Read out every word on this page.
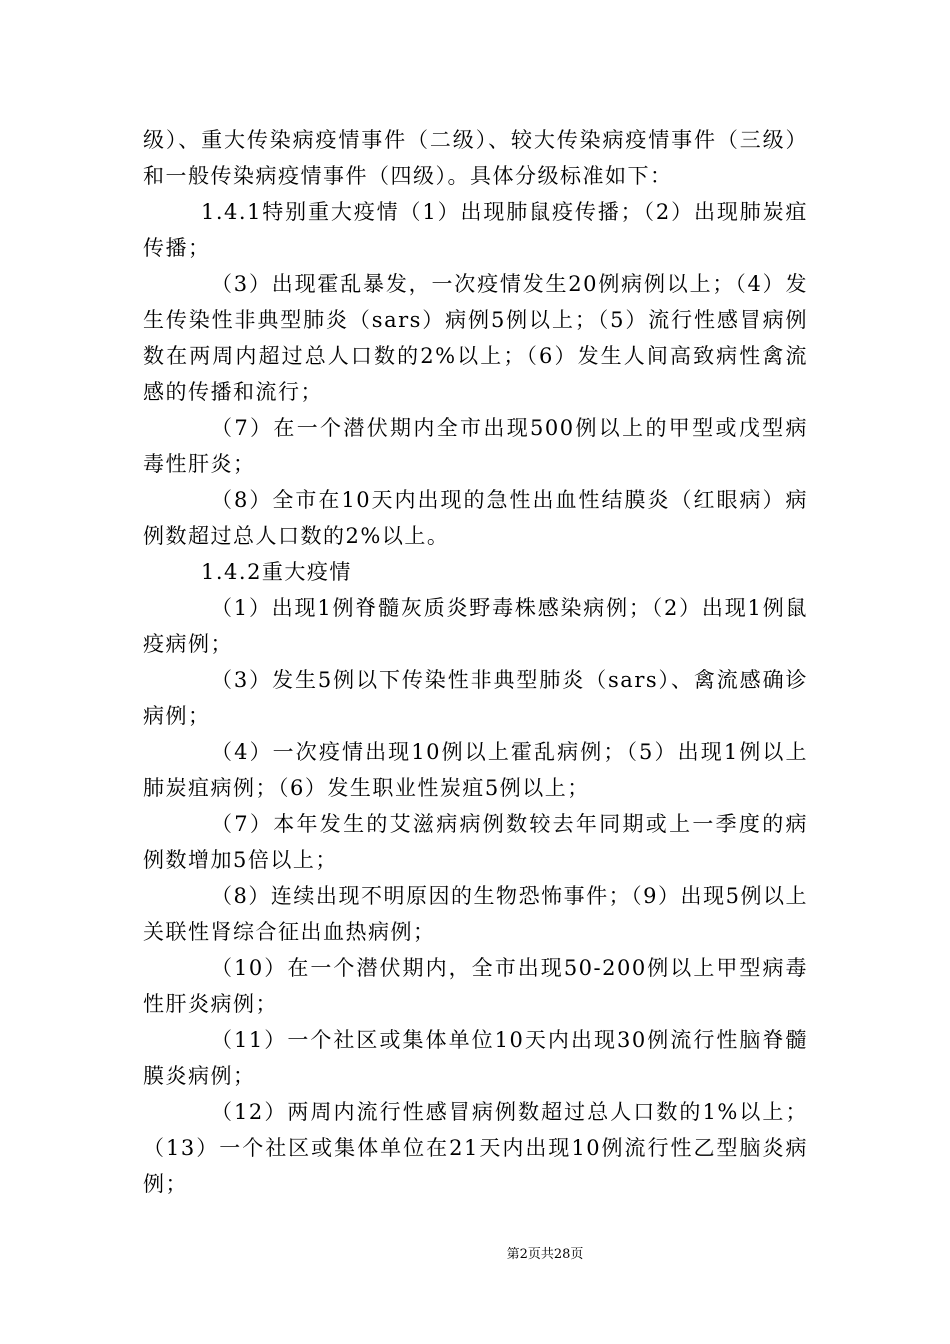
级）、重大传染病疫情事件（二级）、较大传染病疫情事件（三级）和一般传染病疫情事件（四级）。具体分级标准如下：

1.4.1特别重大疫情（1）出现肺鼠疫传播；（2）出现肺炭疽传播；

（3）出现霍乱暴发，一次疫情发生20例病例以上；（4）发生传染性非典型肺炎（sars）病例5例以上；（5）流行性感冒病例数在两周内超过总人口数的2%以上；（6）发生人间高致病性禽流感的传播和流行；

（7）在一个潜伏期内全市出现500例以上的甲型或戊型病毒性肝炎；

（8）全市在10天内出现的急性出血性结膜炎（红眼病）病例数超过总人口数的2%以上。

1.4.2重大疫情

（1）出现1例脊髓灰质炎野毒株感染病例；（2）出现1例鼠疫病例；

（3）发生5例以下传染性非典型肺炎（sars）、禽流感确诊病例；

（4）一次疫情出现10例以上霍乱病例；（5）出现1例以上肺炭疽病例；（6）发生职业性炭疽5例以上；

（7）本年发生的艾滋病病例数较去年同期或上一季度的病例数增加5倍以上；

（8）连续出现不明原因的生物恐怖事件；（9）出现5例以上关联性肾综合征出血热病例；

（10）在一个潜伏期内，全市出现50-200例以上甲型病毒性肝炎病例；

（11）一个社区或集体单位10天内出现30例流行性脑脊髓膜炎病例；

（12）两周内流行性感冒病例数超过总人口数的1%以上；（13）一个社区或集体单位在21天内出现10例流行性乙型脑炎病例；

第2页共28页
